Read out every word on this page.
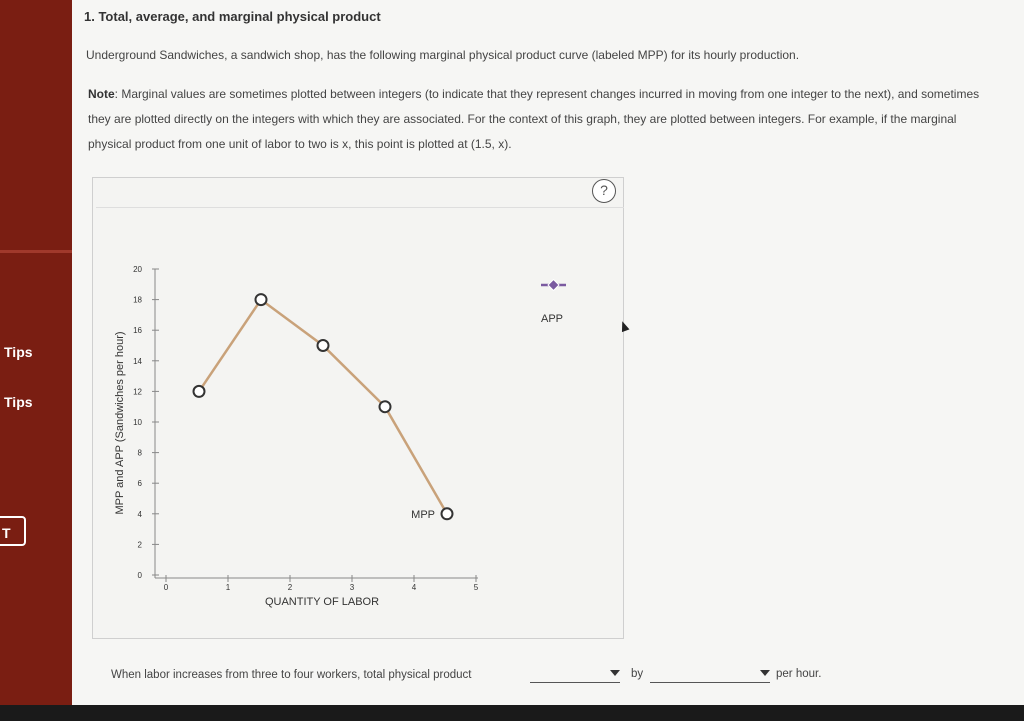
Tips
Tips
T
1. Total, average, and marginal physical product
Underground Sandwiches, a sandwich shop, has the following marginal physical product curve (labeled MPP) for its hourly production.
Note: Marginal values are sometimes plotted between integers (to indicate that they represent changes incurred in moving from one integer to the next), and sometimes they are plotted directly on the integers with which they are associated. For the context of this graph, they are plotted between integers. For example, if the marginal physical product from one unit of labor to two is x, this point is plotted at (1.5, x).
?
0
2
4
6
8
10
12
14
16
18
20
0	1	2	3	4	5
MPP
QUANTITY OF LABOR
MPP and APP (Sandwiches per hour)
APP
When labor increases from three to four workers, total physical product	by	per hour.
